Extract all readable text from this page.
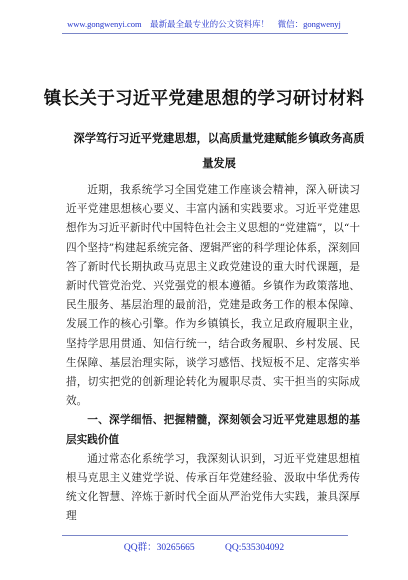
www.gongwenyi.com 最新最全最专业的公文资料库！ 微信：gongwenyj
镇长关于习近平党建思想的学习研讨材料
深学笃行习近平党建思想，以高质量党建赋能乡镇政务高质量发展

近期，我系统学习全国党建工作座谈会精神，深入研读习近平党建思想核心要义、丰富内涵和实践要求。习近平党建思想作为习近平新时代中国特色社会主义思想的“党建篇”，以“十四个坚持”构建起系统完备、逻辑严密的科学理论体系，深刻回答了新时代长期执政马克思主义政党建设的重大时代课题，是新时代管党治党、兴党强党的根本遵循。乡镇作为政策落地、民生服务、基层治理的最前沿，党建是政务工作的根本保障、发展工作的核心引擎。作为乡镇镇长，我立足政府履职主业，坚持学思用贯通、知信行统一，结合政务履职、乡村发展、民生保障、基层治理实际，谈学习感悟、找短板不足、定落实举措，切实把党的创新理论转化为履职尽责、实干担当的实际成效。

一、深学细悟、把握精髓，深刻领会习近平党建思想的基层实践价值

通过常态化系统学习，我深刻认识到，习近平党建思想植根马克思主义建党学说、传承百年党建经验、汲取中华优秀传统文化智慧、淬炼于新时代全面从严治党伟大实践，兼具深厚理

QQ群：30265665	QQ:535304092
